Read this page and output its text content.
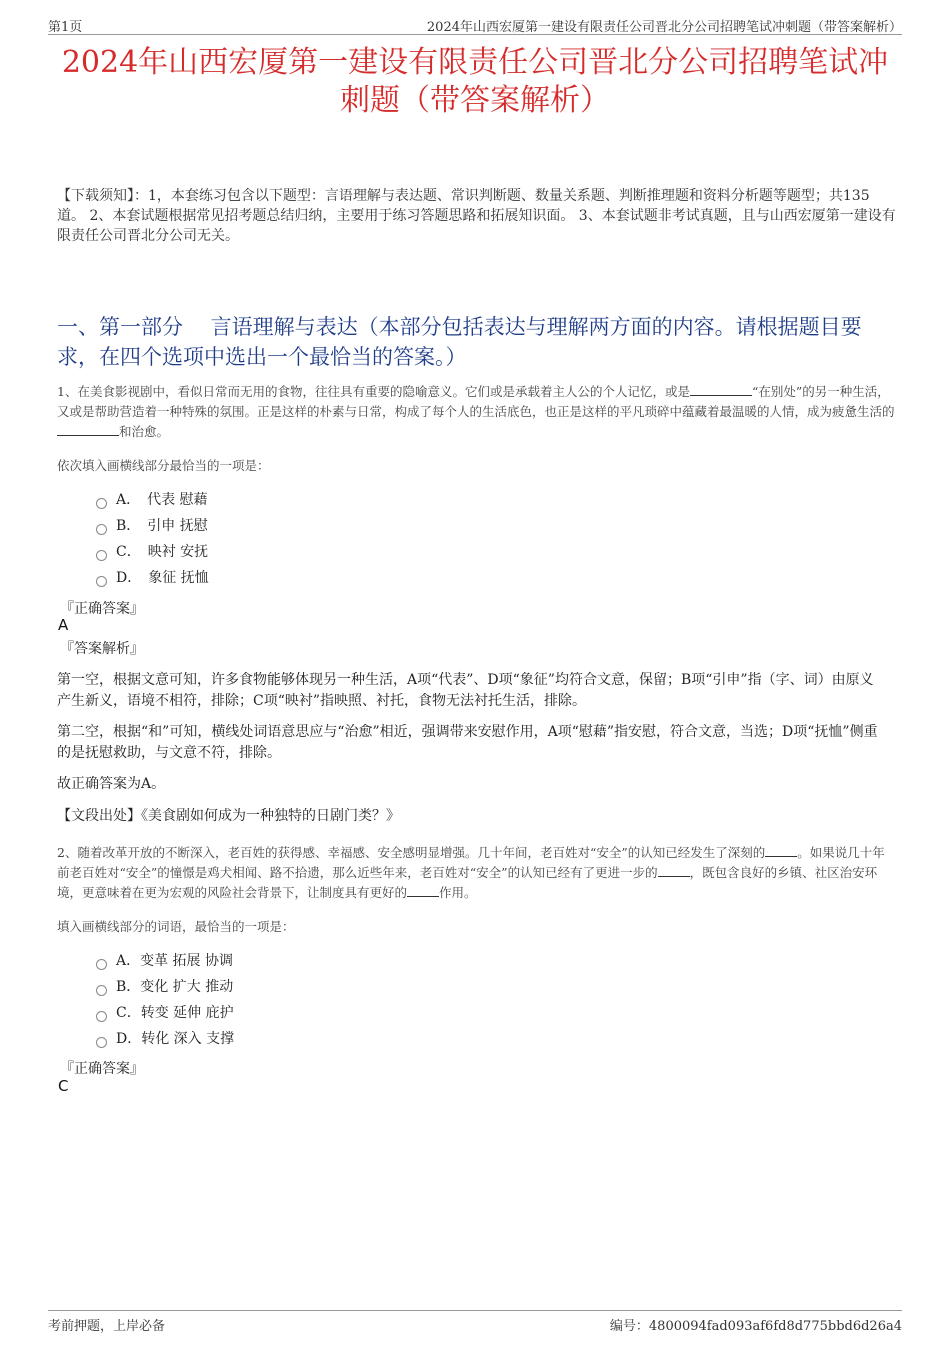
第1页	2024年山西宏厦第一建设有限责任公司晋北分公司招聘笔试冲刺题（带答案解析）
2024年山西宏厦第一建设有限责任公司晋北分公司招聘笔试冲
刺题（带答案解析）
【下载须知】：1，本套练习包含以下题型：言语理解与表达题、常识判断题、数量关系题、判断推理题和资料分析题等题型；共135道。 2、本套试题根据常见招考题总结归纳，主要用于练习答题思路和拓展知识面。 3、本套试题非考试真题，且与山西宏厦第一建设有限责任公司晋北分公司无关。
一、第一部分　 言语理解与表达（本部分包括表达与理解两方面的内容。请根据题目要求，在四个选项中选出一个最恰当的答案。）
1、在美食影视剧中，看似日常而无用的食物，往往具有重要的隐喻意义。它们或是承载着主人公的个人记忆，或是	“在别处”的另一种生活，又或是帮助营造着一种特殊的氛围。正是这样的朴素与日常，构成了每个人的生活底色，也正是这样的平凡琐碎中蕴藏着最温暖的人情，成为疲惫生活的和治愈。
依次填入画横线部分最恰当的一项是：
A．　代表 慰藉
B．　引申 抚慰
C．　映衬 安抚
D．　象征 抚恤
『正确答案』
A
『答案解析』
第一空，根据文意可知，许多食物能够体现另一种生活，A项“代表”、D项“象征”均符合文意，保留；B项“引申”指（字、词）由原义产生新义，语境不相符，排除；C项“映衬”指映照、衬托，食物无法衬托生活，排除。
第二空，根据“和”可知，横线处词语意思应与“治愈”相近，强调带来安慰作用，A项“慰藉”指安慰，符合文意，当选；D项“抚恤”侧重的是抚慰救助，与文意不符，排除。
故正确答案为A。
【文段出处】《美食剧如何成为一种独特的日剧门类？》
2、随着改革开放的不断深入，老百姓的获得感、幸福感、安全感明显增强。几十年间，老百姓对“安全”的认知已经发生了深刻的	。如果说几十年前老百姓对“安全”的憧憬是鸡犬相闻、路不拾遗，那么近些年来，老百姓对“安全”的认知已经有了更进一步的	，既包含良好的乡镇、社区治安环境，更意味着在更为宏观的风险社会背景下，让制度具有更好的	作用。
填入画横线部分的词语，最恰当的一项是：
A．变革 拓展 协调
B．变化 扩大 推动
C．转变 延伸 庇护
D．转化 深入 支撑
『正确答案』
C
考前押题，上岸必备	编号：4800094fad093af6fd8d775bbd6d26a4
